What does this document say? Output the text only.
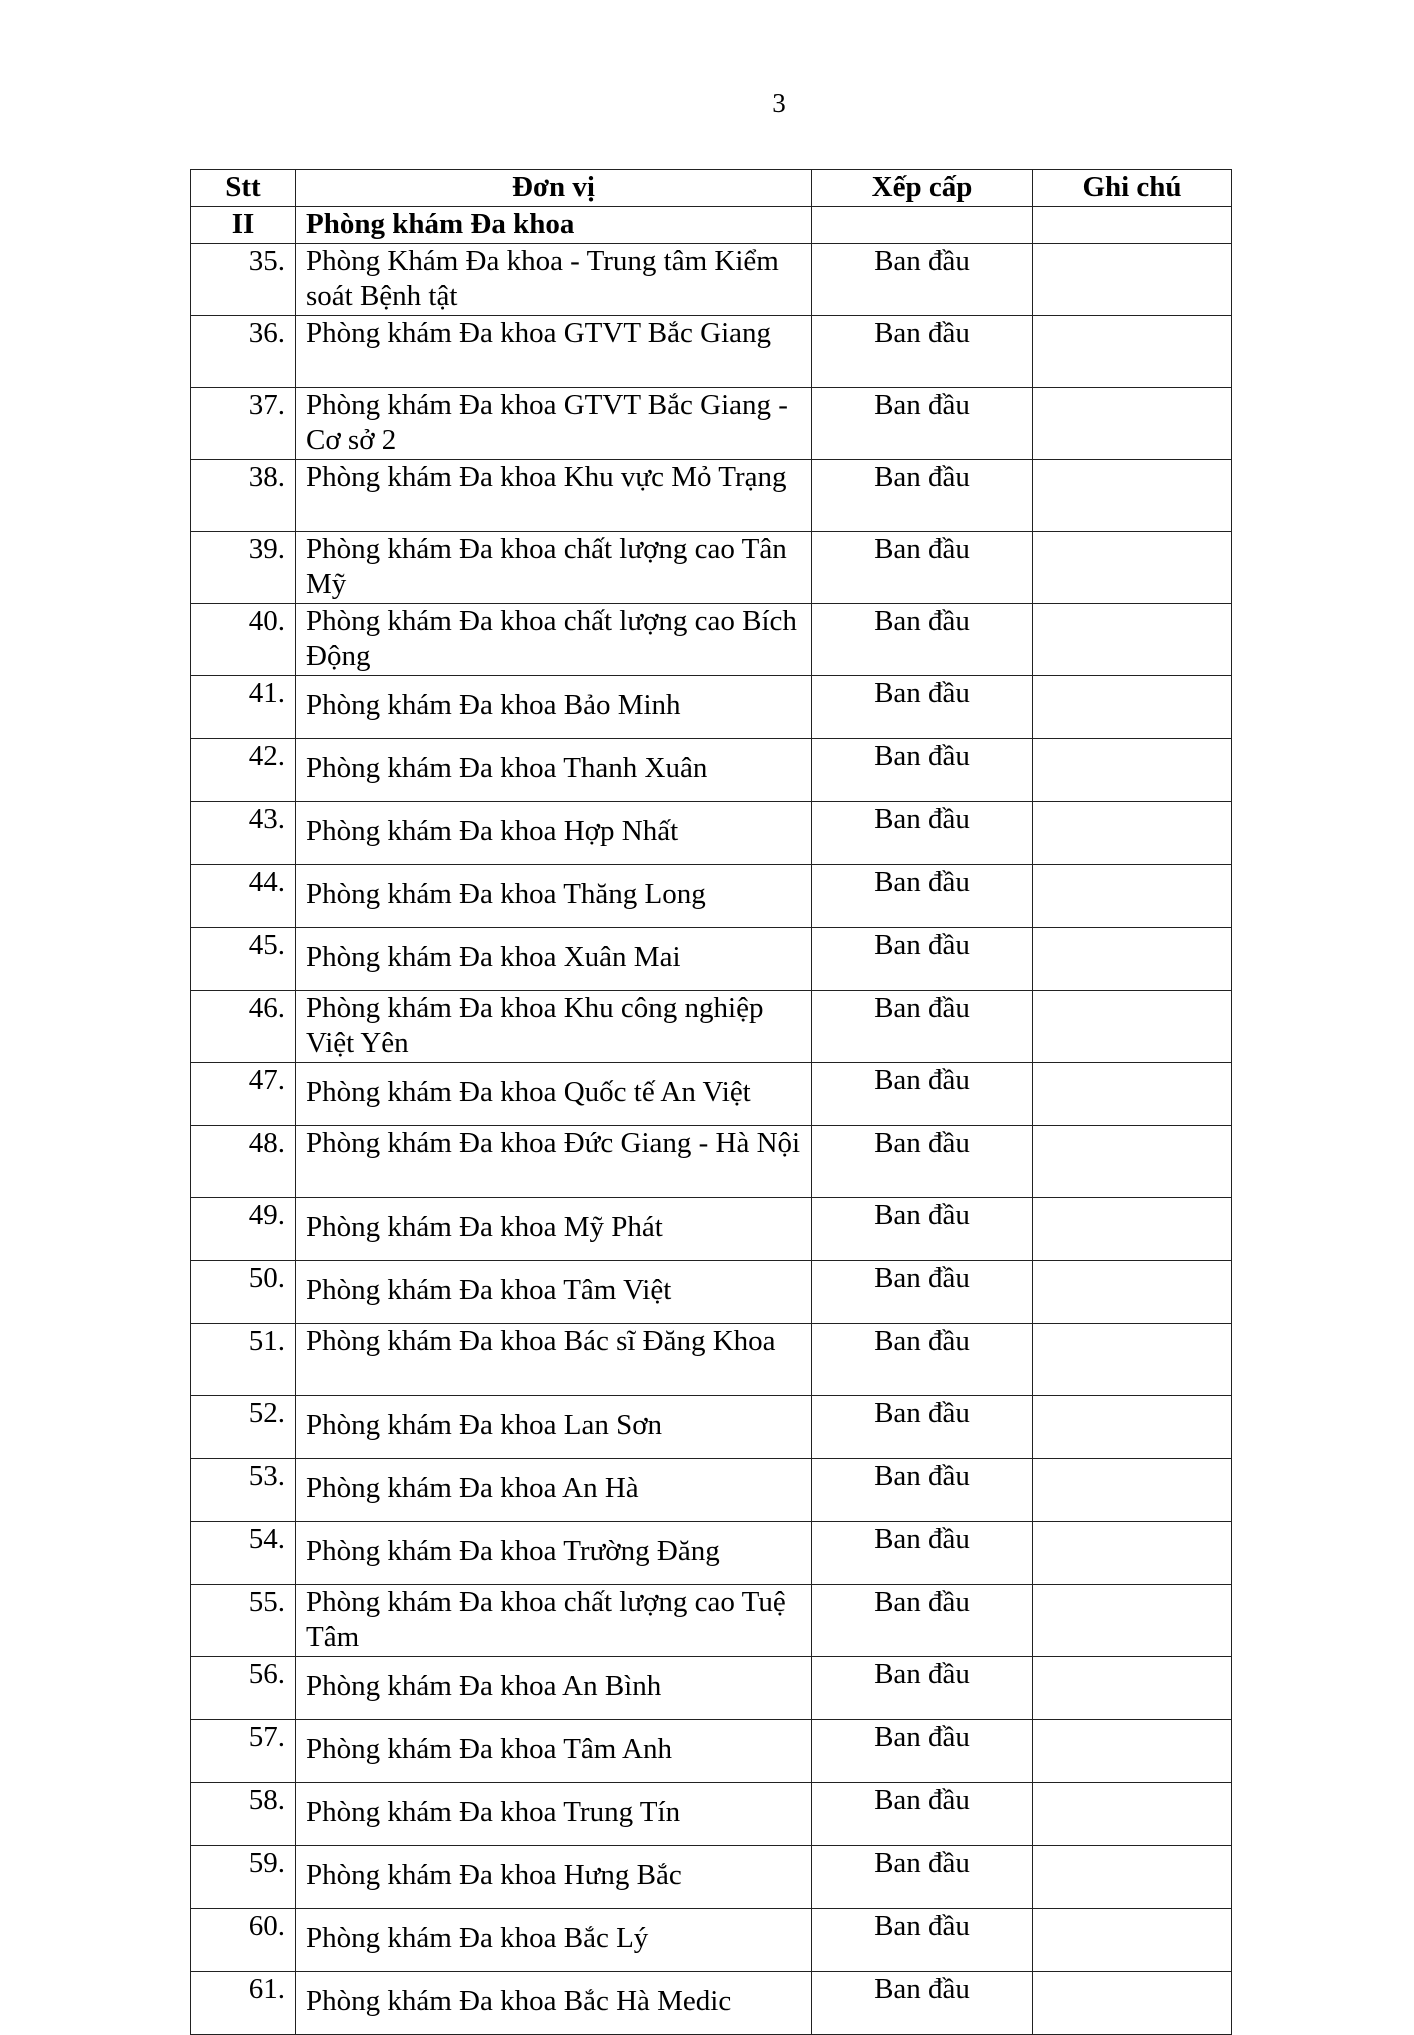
3
Stt	Đơn vị	Xếp cấp	Ghi chú
II	Phòng khám Đa khoa		
35.	Phòng Khám Đa khoa - Trung tâm Kiểm soát Bệnh tật	Ban đầu	
36.	Phòng khám Đa khoa GTVT Bắc Giang	Ban đầu	
37.	Phòng khám Đa khoa GTVT Bắc Giang - Cơ sở 2	Ban đầu	
38.	Phòng khám Đa khoa Khu vực Mỏ Trạng	Ban đầu	
39.	Phòng khám Đa khoa chất lượng cao Tân Mỹ	Ban đầu	
40.	Phòng khám Đa khoa chất lượng cao Bích Động	Ban đầu	
41.	Phòng khám Đa khoa Bảo Minh	Ban đầu	
42.	Phòng khám Đa khoa Thanh Xuân	Ban đầu	
43.	Phòng khám Đa khoa Hợp Nhất	Ban đầu	
44.	Phòng khám Đa khoa Thăng Long	Ban đầu	
45.	Phòng khám Đa khoa Xuân Mai	Ban đầu	
46.	Phòng khám Đa khoa Khu công nghiệp Việt Yên	Ban đầu	
47.	Phòng khám Đa khoa Quốc tế An Việt	Ban đầu	
48.	Phòng khám Đa khoa Đức Giang - Hà Nội	Ban đầu	
49.	Phòng khám Đa khoa Mỹ Phát	Ban đầu	
50.	Phòng khám Đa khoa Tâm Việt	Ban đầu	
51.	Phòng khám Đa khoa Bác sĩ Đăng Khoa	Ban đầu	
52.	Phòng khám Đa khoa Lan Sơn	Ban đầu	
53.	Phòng khám Đa khoa An Hà	Ban đầu	
54.	Phòng khám Đa khoa Trường Đăng	Ban đầu	
55.	Phòng khám Đa khoa chất lượng cao Tuệ Tâm	Ban đầu	
56.	Phòng khám Đa khoa An Bình	Ban đầu	
57.	Phòng khám Đa khoa Tâm Anh	Ban đầu	
58.	Phòng khám Đa khoa Trung Tín	Ban đầu	
59.	Phòng khám Đa khoa Hưng Bắc	Ban đầu	
60.	Phòng khám Đa khoa Bắc Lý	Ban đầu	
61.	Phòng khám Đa khoa Bắc Hà Medic	Ban đầu	
